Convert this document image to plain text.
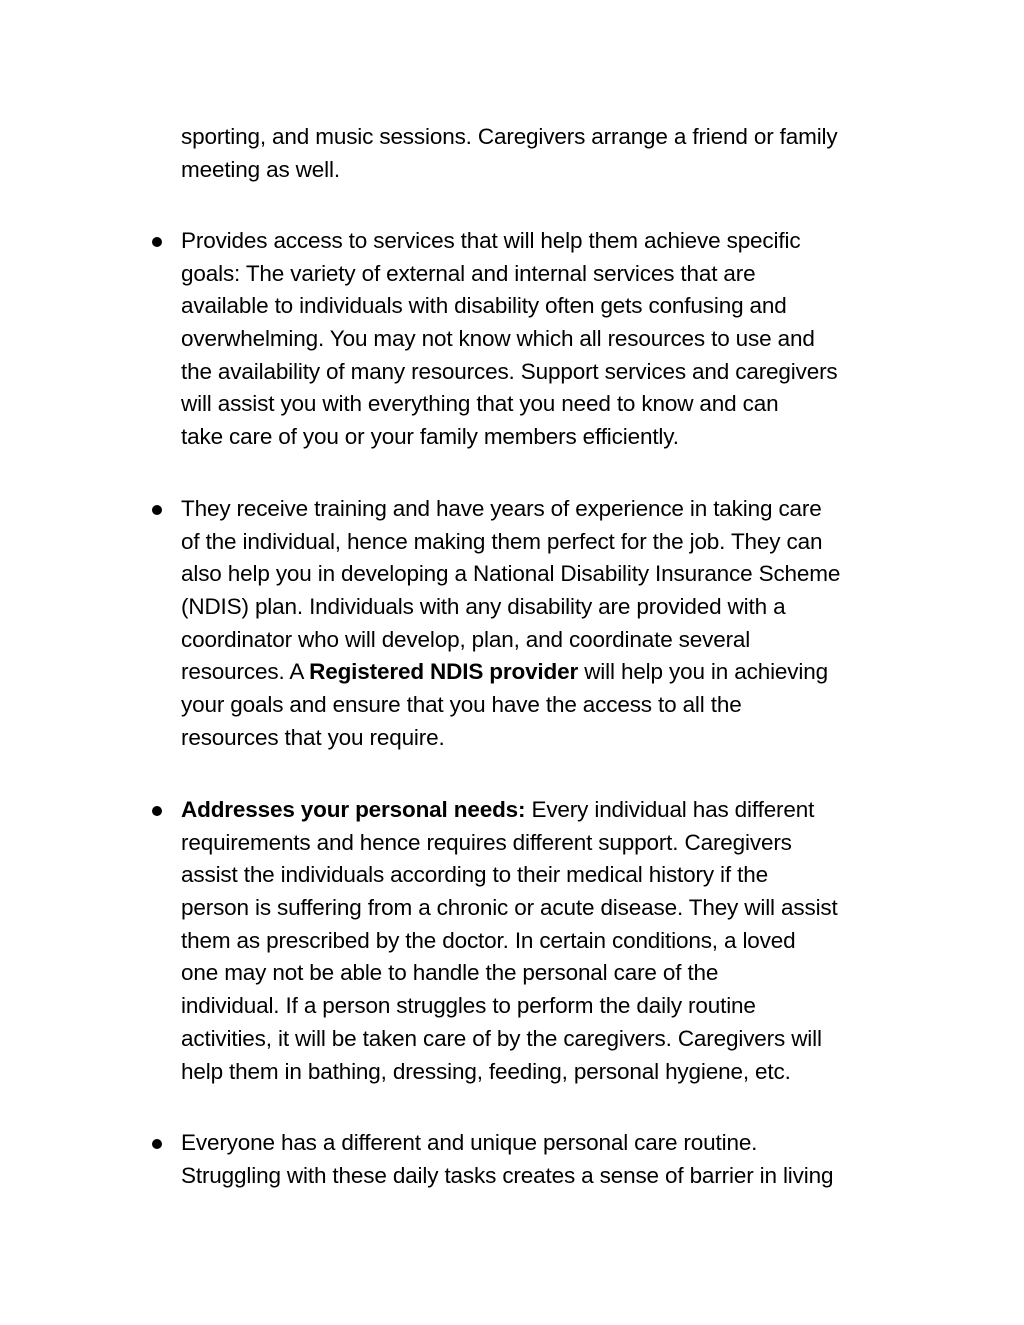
sporting, and music sessions. Caregivers arrange a friend or family
meeting as well.
Provides access to services that will help them achieve specific
goals: The variety of external and internal services that are
available to individuals with disability often gets confusing and
overwhelming. You may not know which all resources to use and
the availability of many resources. Support services and caregivers
will assist you with everything that you need to know and can
take care of you or your family members efficiently.
They receive training and have years of experience in taking care
of the individual, hence making them perfect for the job. They can
also help you in developing a National Disability Insurance Scheme
(NDIS) plan. Individuals with any disability are provided with a
coordinator who will develop, plan, and coordinate several
resources. A Registered NDIS provider will help you in achieving
your goals and ensure that you have the access to all the
resources that you require.
Addresses your personal needs: Every individual has different
requirements and hence requires different support. Caregivers
assist the individuals according to their medical history if the
person is suffering from a chronic or acute disease. They will assist
them as prescribed by the doctor. In certain conditions, a loved
one may not be able to handle the personal care of the
individual. If a person struggles to perform the daily routine
activities, it will be taken care of by the caregivers. Caregivers will
help them in bathing, dressing, feeding, personal hygiene, etc.
Everyone has a different and unique personal care routine.
Struggling with these daily tasks creates a sense of barrier in living
